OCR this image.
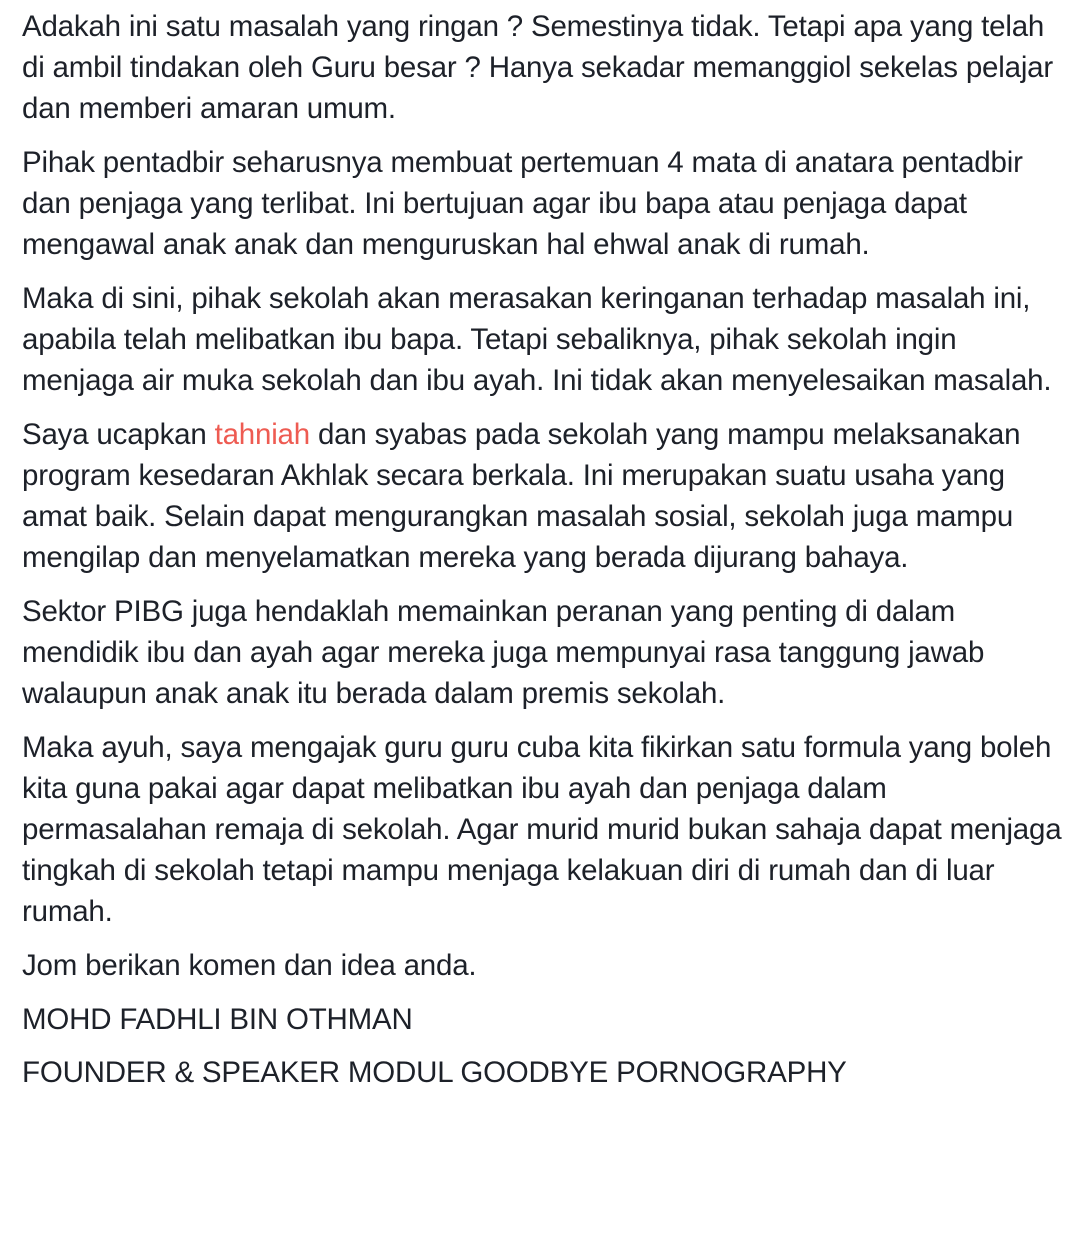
Adakah ini satu masalah yang ringan ? Semestinya tidak. Tetapi apa yang telah di ambil tindakan oleh Guru besar ? Hanya sekadar memanggiol sekelas pelajar dan memberi amaran umum.

Pihak pentadbir seharusnya membuat pertemuan 4 mata di anatara pentadbir dan penjaga yang terlibat. Ini bertujuan agar ibu bapa atau penjaga dapat mengawal anak anak dan menguruskan hal ehwal anak di rumah.

Maka di sini, pihak sekolah akan merasakan keringanan terhadap masalah ini, apabila telah melibatkan ibu bapa. Tetapi sebaliknya, pihak sekolah ingin menjaga air muka sekolah dan ibu ayah. Ini tidak akan menyelesaikan masalah.

Saya ucapkan tahniah dan syabas pada sekolah yang mampu melaksanakan program kesedaran Akhlak secara berkala. Ini merupakan suatu usaha yang amat baik. Selain dapat mengurangkan masalah sosial, sekolah juga mampu mengilap dan menyelamatkan mereka yang berada dijurang bahaya.

Sektor PIBG juga hendaklah memainkan peranan yang penting di dalam mendidik ibu dan ayah agar mereka juga mempunyai rasa tanggung jawab walaupun anak anak itu berada dalam premis sekolah.

Maka ayuh, saya mengajak guru guru cuba kita fikirkan satu formula yang boleh kita guna pakai agar dapat melibatkan ibu ayah dan penjaga dalam permasalahan remaja di sekolah. Agar murid murid bukan sahaja dapat menjaga tingkah di sekolah tetapi mampu menjaga kelakuan diri di rumah dan di luar rumah.

Jom berikan komen dan idea anda.

MOHD FADHLI BIN OTHMAN

FOUNDER & SPEAKER MODUL GOODBYE PORNOGRAPHY
